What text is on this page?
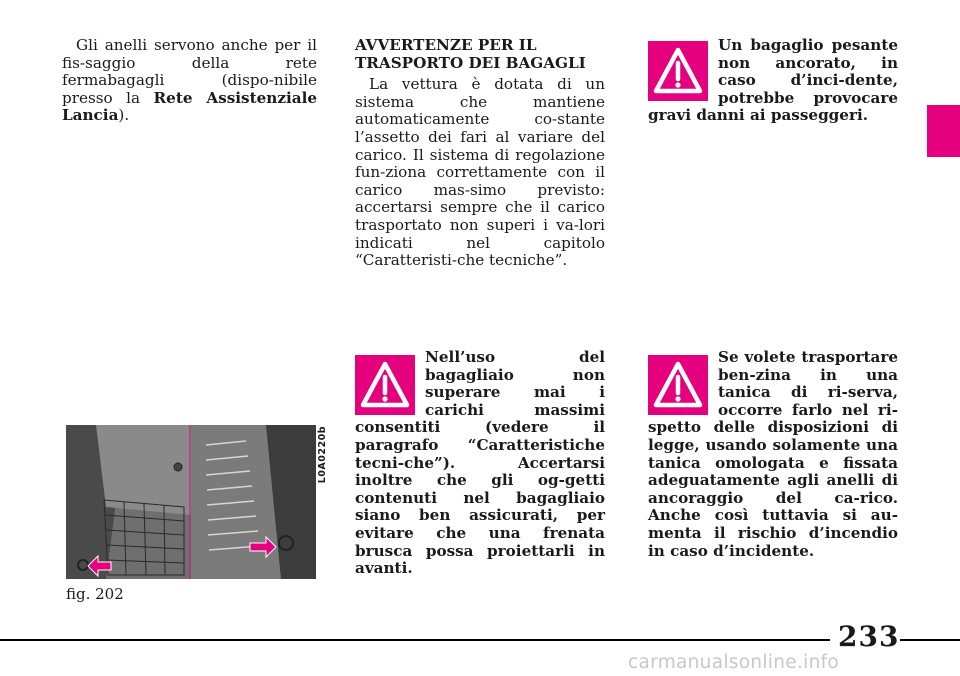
Gli anelli servono anche per il fis-saggio della rete fermabagagli (dispo-nibile presso la Rete Assistenziale Lancia).

L0A0220b
fig. 202

AVVERTENZE PER IL
TRASPORTO DEI BAGAGLI

La vettura è dotata di un sistema che mantiene automaticamente co-stante l’assetto dei fari al variare del carico. Il sistema di regolazione fun-ziona correttamente con il carico mas-simo previsto: accertarsi sempre che il carico trasportato non superi i va-lori indicati nel capitolo “Caratteristi-che tecniche”.

Un bagaglio pesante non ancorato, in caso d’inci-dente, potrebbe provocare gravi danni ai passeggeri.
Nell’uso del bagagliaio non superare mai i carichi massimi consentiti (vedere il paragrafo “Caratteristiche tecni-che”). Accertarsi inoltre che gli og-getti contenuti nel bagagliaio siano ben assicurati, per evitare che una frenata brusca possa proiettarli in avanti.
Se volete trasportare ben-zina in una tanica di ri-serva, occorre farlo nel ri-spetto delle disposizioni di legge, usando solamente una tanica omologata e fissata adeguatamente agli anelli di ancoraggio del ca-rico. Anche così tuttavia si au-menta il rischio d’incendio in caso d’incidente.
233
carmanualsonline.info
